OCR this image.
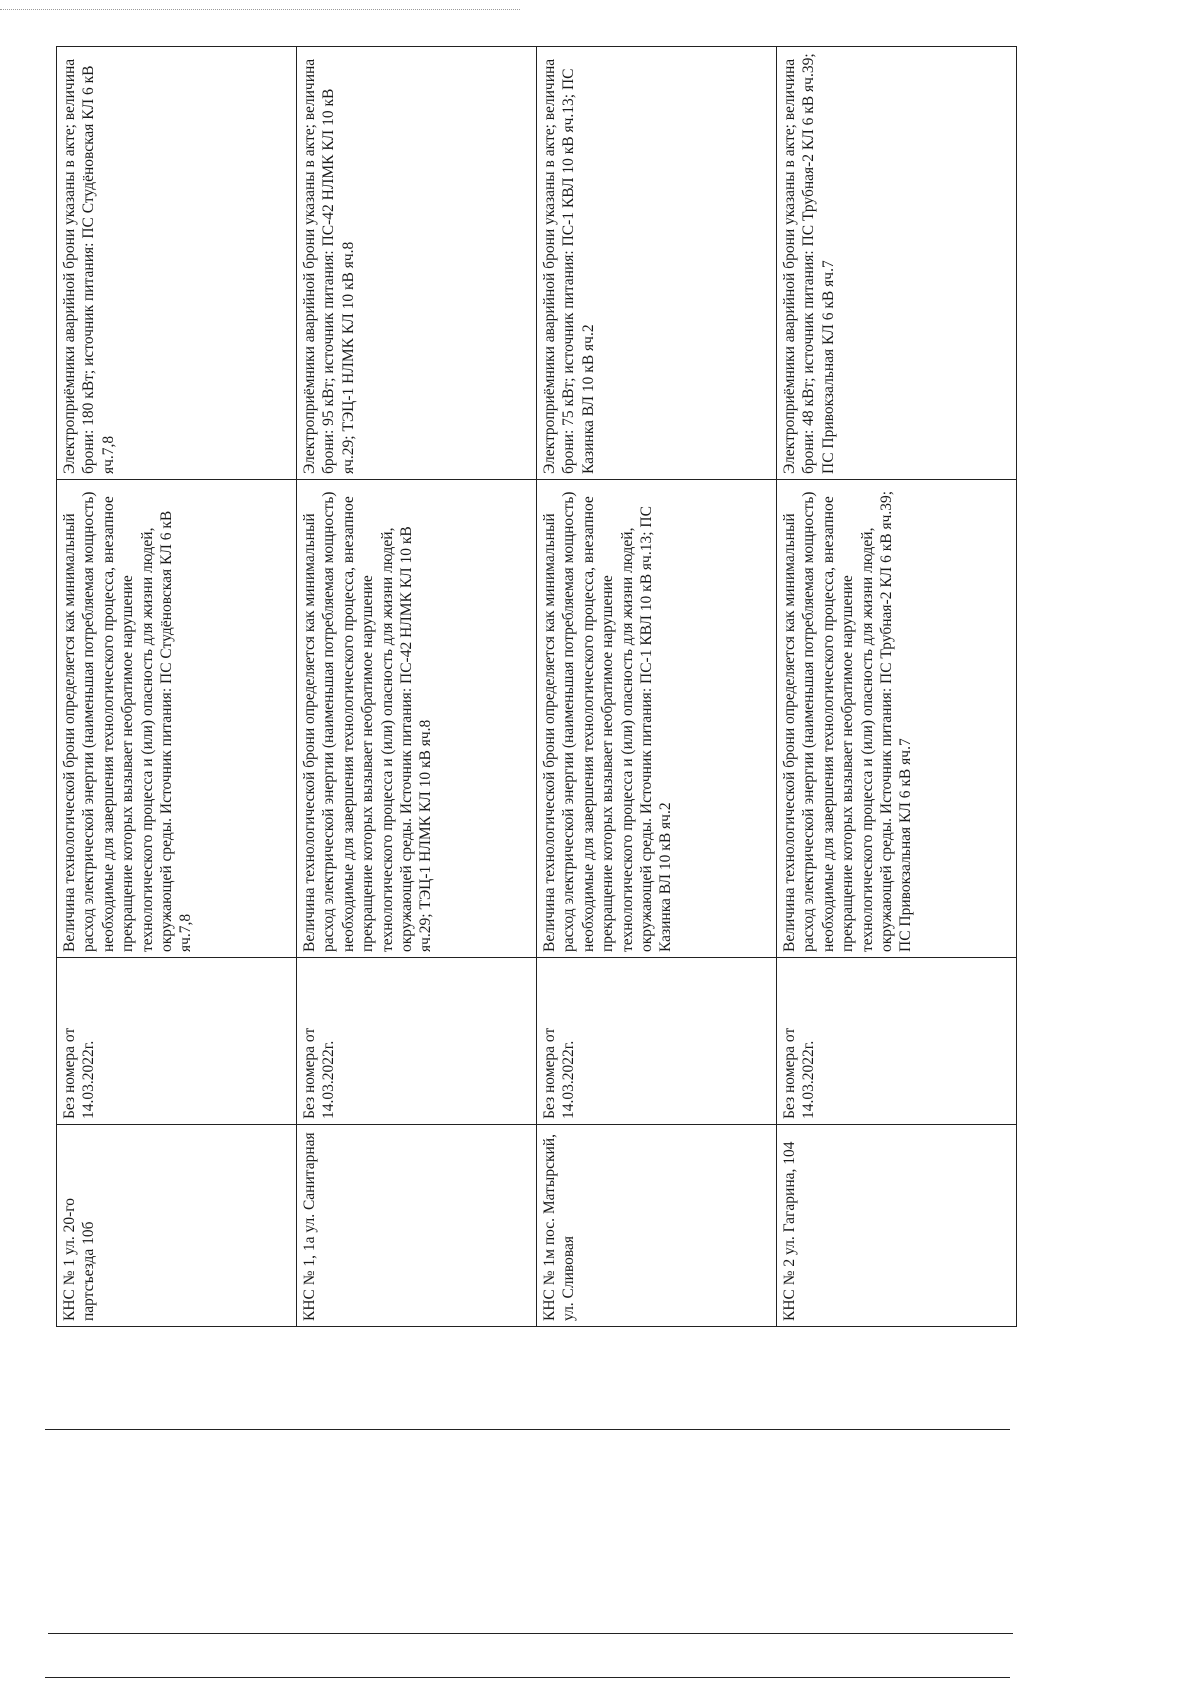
КНС № 1 ул. 20-го партсъезда 10б	Без номера от 14.03.2022г.	Величина технологической брони определяется как минимальный расход электрической энергии (наименьшая потребляемая мощность) необходимые для завершения технологического процесса, внезапное прекращение которых вызывает необратимое нарушение технологического процесса и (или) опасность для жизни людей, окружающей среды. Источник питания: ПС Студёновская КЛ 6 кВ яч.7,8	Электроприёмники аварийной брони указаны в акте; величина брони: 180 кВт; источник питания: ПС Студёновская КЛ 6 кВ яч.7,8

КНС № 1, 1а ул. Санитарная	Без номера от 14.03.2022г.	Величина технологической брони определяется как минимальный расход электрической энергии (наименьшая потребляемая мощность) необходимые для завершения технологического процесса, внезапное прекращение которых вызывает необратимое нарушение технологического процесса и (или) опасность для жизни людей, окружающей среды. Источник питания: ПС-42 НЛМК КЛ 10 кВ яч.29; ТЭЦ-1 НЛМК КЛ 10 кВ яч.8	Электроприёмники аварийной брони указаны в акте; величина брони: 95 кВт; источник питания: ПС-42 НЛМК КЛ 10 кВ яч.29; ТЭЦ-1 НЛМК КЛ 10 кВ яч.8

КНС № 1м пос. Матырский, ул. Сливовая	Без номера от 14.03.2022г.	Величина технологической брони определяется как минимальный расход электрической энергии (наименьшая потребляемая мощность) необходимые для завершения технологического процесса, внезапное прекращение которых вызывает необратимое нарушение технологического процесса и (или) опасность для жизни людей, окружающей среды. Источник питания: ПС-1 КВЛ 10 кВ яч.13; ПС Казинка ВЛ 10 кВ яч.2	Электроприёмники аварийной брони указаны в акте; величина брони: 75 кВт; источник питания: ПС-1 КВЛ 10 кВ яч.13; ПС Казинка ВЛ 10 кВ яч.2

КНС № 2 ул. Гагарина, 104	Без номера от 14.03.2022г.	Величина технологической брони определяется как минимальный расход электрической энергии (наименьшая потребляемая мощность) необходимые для завершения технологического процесса, внезапное прекращение которых вызывает необратимое нарушение технологического процесса и (или) опасность для жизни людей, окружающей среды. Источник питания: ПС Трубная-2 КЛ 6 кВ яч.39; ПС Привокзальная КЛ 6 кВ яч.7	Электроприёмники аварийной брони указаны в акте; величина брони: 48 кВт; источник питания: ПС Трубная-2 КЛ 6 кВ яч.39; ПС Привокзальная КЛ 6 кВ яч.7
